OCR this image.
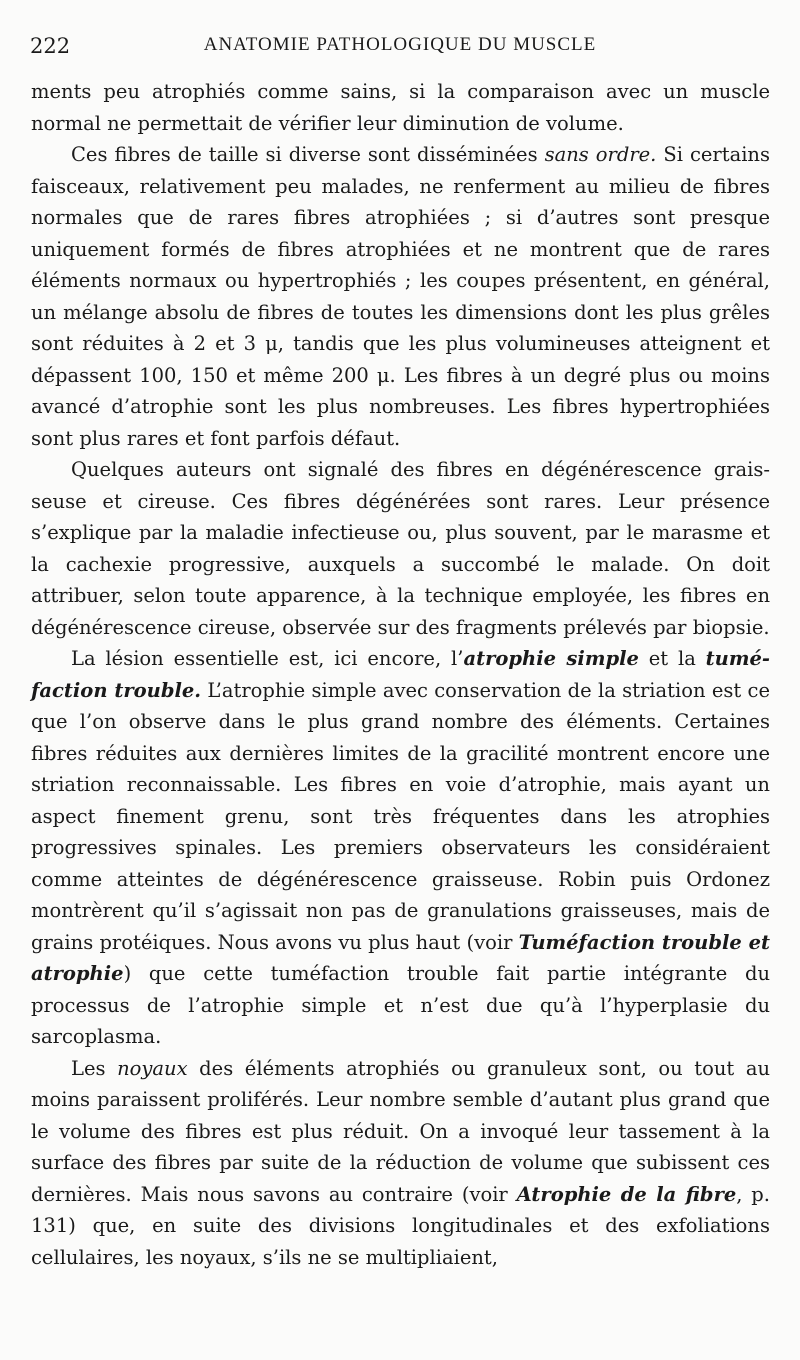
222	ANATOMIE PATHOLOGIQUE DU MUSCLE

ments peu atrophiés comme sains, si la comparaison avec un muscle normal ne permettait de vérifier leur diminution de volume.

Ces fibres de taille si diverse sont disséminées sans ordre. Si certains faisceaux, relativement peu malades, ne renferment au milieu de fibres normales que de rares fibres atrophiées ; si d’autres sont presque uniquement formés de fibres atrophiées et ne montrent que de rares éléments normaux ou hypertrophiés ; les coupes présentent, en général, un mélange absolu de fibres de toutes les dimensions dont les plus grêles sont réduites à 2 et 3 μ, tandis que les plus volumineuses atteignent et dépassent 100, 150 et même 200 μ. Les fibres à un degré plus ou moins avancé d’atrophie sont les plus nombreuses. Les fibres hypertrophiées sont plus rares et font parfois défaut.

Quelques auteurs ont signalé des fibres en dégénérescence graisseuse et cireuse. Ces fibres dégénérées sont rares. Leur présence s’explique par la maladie infectieuse ou, plus souvent, par le marasme et la cachexie progressive, auxquels a succombé le malade. On doit attribuer, selon toute apparence, à la technique employée, les fibres en dégénérescence cireuse, observée sur des fragments prélevés par biopsie.

La lésion essentielle est, ici encore, l’atrophie simple et la tuméfaction trouble. L’atrophie simple avec conservation de la striation est ce que l’on observe dans le plus grand nombre des éléments. Certaines fibres réduites aux dernières limites de la gracilité montrent encore une striation reconnaissable. Les fibres en voie d’atrophie, mais ayant un aspect finement grenu, sont très fréquentes dans les atrophies progressives spinales. Les premiers observateurs les considéraient comme atteintes de dégénérescence graisseuse. Robin puis Ordonez montrèrent qu’il s’agissait non pas de granulations graisseuses, mais de grains protéiques. Nous avons vu plus haut (voir Tuméfaction trouble et atrophie) que cette tuméfaction trouble fait partie intégrante du processus de l’atrophie simple et n’est due qu’à l’hyperplasie du sarcoplasma.

Les noyaux des éléments atrophiés ou granuleux sont, ou tout au moins paraissent proliférés. Leur nombre semble d’autant plus grand que le volume des fibres est plus réduit. On a invoqué leur tassement à la surface des fibres par suite de la réduction de volume que subissent ces dernières. Mais nous savons au contraire (voir Atrophie de la fibre, p. 131) que, en suite des divisions longitudinales et des exfoliations cellulaires, les noyaux, s’ils ne se multipliaient,
